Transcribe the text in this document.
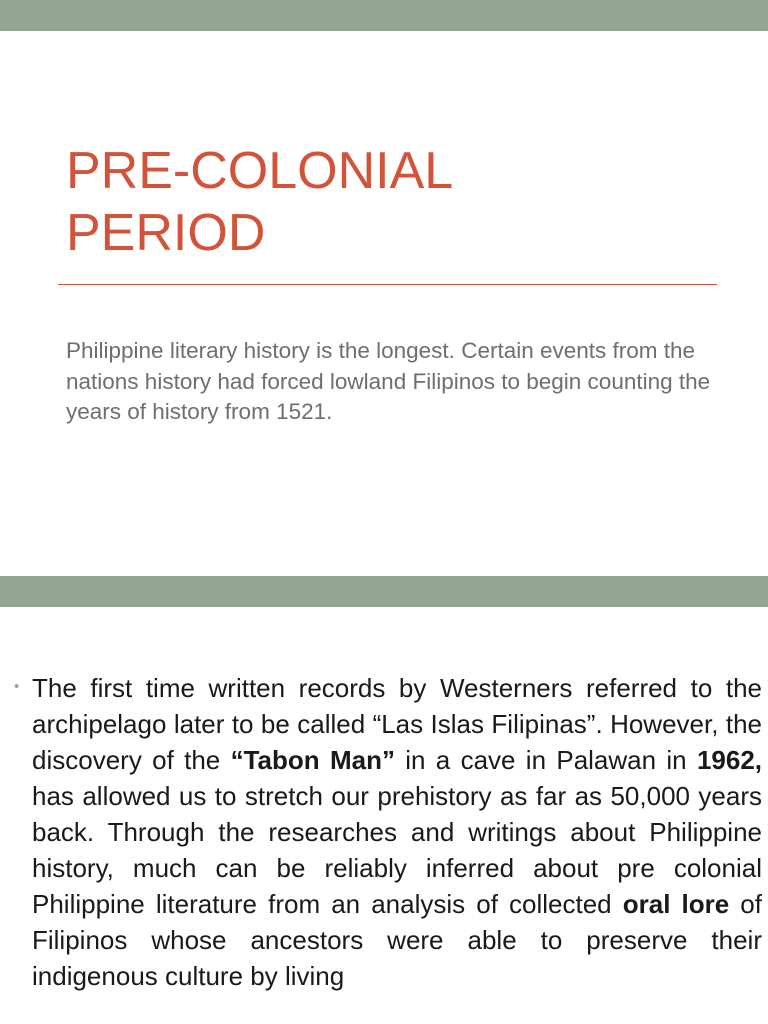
PRE-COLONIAL
PERIOD

Philippine literary history is the longest. Certain events from the nations history had forced lowland Filipinos to begin counting the years of history from 1521.

• The first time written records by Westerners referred to the archipelago later to be called “Las Islas Filipinas”. However, the discovery of the “Tabon Man” in a cave in Palawan in 1962, has allowed us to stretch our prehistory as far as 50,000 years back. Through the researches and writings about Philippine history, much can be reliably inferred about pre colonial Philippine literature from an analysis of collected oral lore of Filipinos whose ancestors were able to preserve their indigenous culture by living
